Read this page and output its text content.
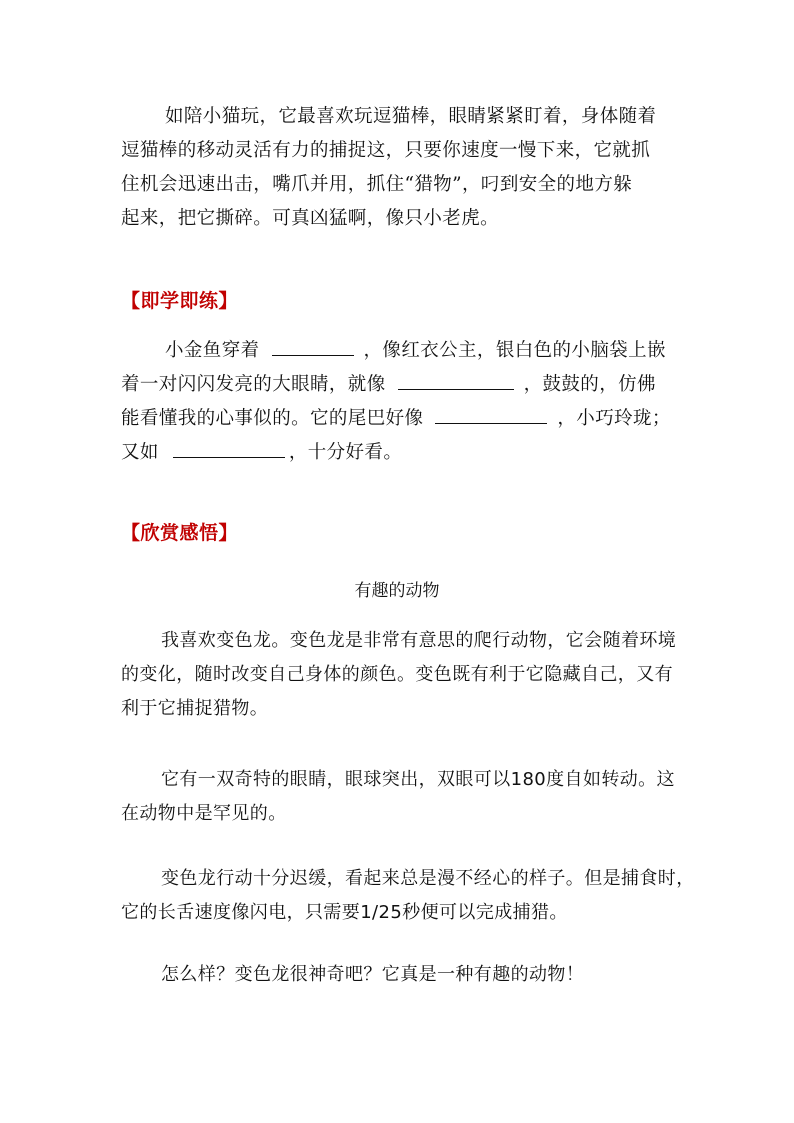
如陪小猫玩，它最喜欢玩逗猫棒，眼睛紧紧盯着，身体随着
逗猫棒的移动灵活有力的捕捉这，只要你速度一慢下来，它就抓
住机会迅速出击，嘴爪并用，抓住“猎物”，叼到安全的地方躲
起来，把它撕碎。可真凶猛啊，像只小老虎。
【即学即练】
小金鱼穿着	，像红衣公主，银白色的小脑袋上嵌
着一对闪闪发亮的大眼睛，就像	，鼓鼓的，仿佛
能看懂我的心事似的。它的尾巴好像	，小巧玲珑；
又如	，十分好看。
【欣赏感悟】
有趣的动物
我喜欢变色龙。变色龙是非常有意思的爬行动物，它会随着环境
的变化，随时改变自己身体的颜色。变色既有利于它隐藏自己，又有
利于它捕捉猎物。
它有一双奇特的眼睛，眼球突出，双眼可以180度自如转动。这
在动物中是罕见的。
变色龙行动十分迟缓，看起来总是漫不经心的样子。但是捕食时，
它的长舌速度像闪电，只需要1/25秒便可以完成捕猎。
怎么样？变色龙很神奇吧？它真是一种有趣的动物！
